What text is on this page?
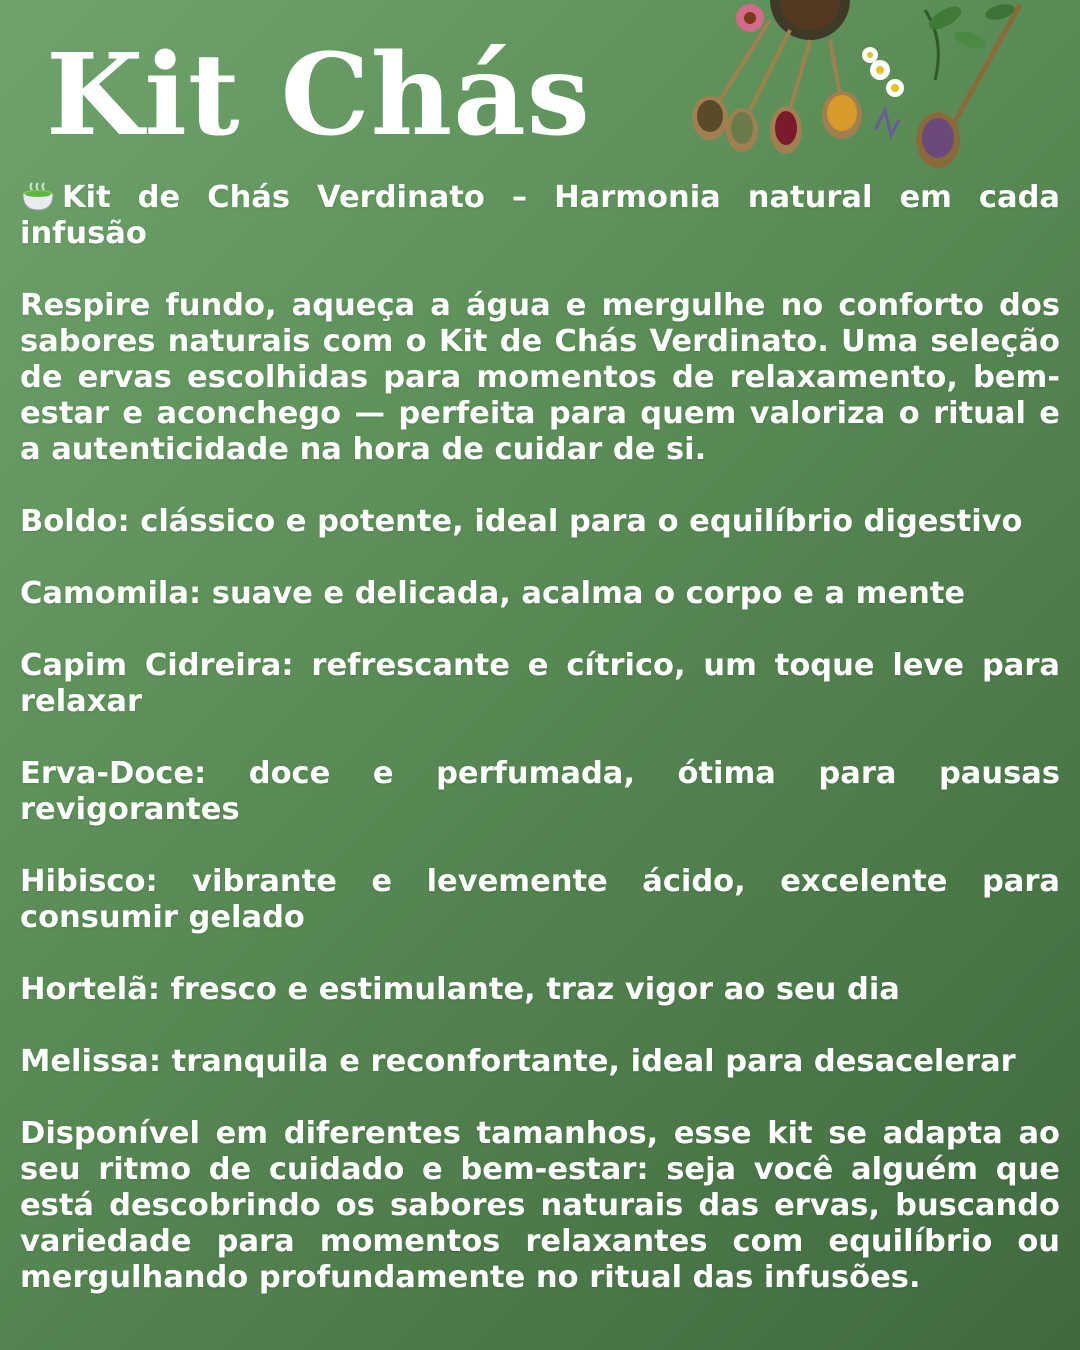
Kit Chás

Kit de Chás Verdinato – Harmonia natural em cada infusão

Respire fundo, aqueça a água e mergulhe no conforto dos sabores naturais com o Kit de Chás Verdinato. Uma seleção de ervas escolhidas para momentos de relaxamento, bem-estar e aconchego — perfeita para quem valoriza o ritual e a autenticidade na hora de cuidar de si.

Boldo: clássico e potente, ideal para o equilíbrio digestivo

Camomila: suave e delicada, acalma o corpo e a mente

Capim Cidreira: refrescante e cítrico, um toque leve para relaxar

Erva-Doce: doce e perfumada, ótima para pausas revigorantes

Hibisco: vibrante e levemente ácido, excelente para consumir gelado

Hortelã: fresco e estimulante, traz vigor ao seu dia

Melissa: tranquila e reconfortante, ideal para desacelerar

Disponível em diferentes tamanhos, esse kit se adapta ao seu ritmo de cuidado e bem-estar: seja você alguém que está descobrindo os sabores naturais das ervas, buscando variedade para momentos relaxantes com equilíbrio ou mergulhando profundamente no ritual das infusões.
